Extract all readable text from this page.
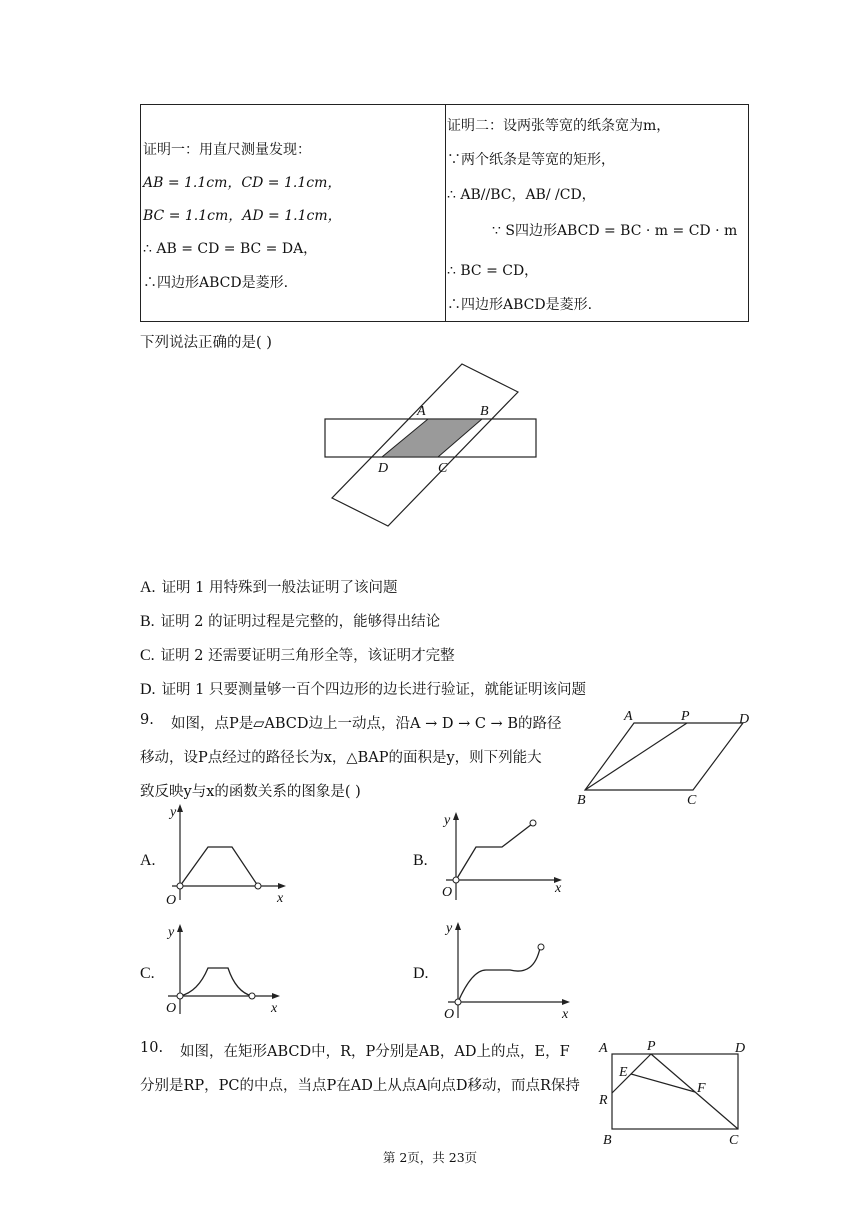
证明一：用直尺测量发现：
AB = 1.1cm，CD = 1.1cm，
BC = 1.1cm，AD = 1.1cm，
∴ AB = CD = BC = DA，
∴四边形ABCD是菱形.
证明二：设两张等宽的纸条宽为m，
∵两个纸条是等宽的矩形，
∴ AB//BC，AB/ /CD，
∵ S四边形ABCD = BC · m = CD · m
∴ BC = CD，
∴四边形ABCD是菱形.
下列说法正确的是( )
A	B
D	C
A. 证明 1 用特殊到一般法证明了该问题
B. 证明 2 的证明过程是完整的，能够得出结论
C. 证明 2 还需要证明三角形全等，该证明才完整
D. 证明 1 只要测量够一百个四边形的边长进行验证，就能证明该问题
9. 如图，点P是▱ABCD边上一动点，沿A → D → C → B的路径
移动，设P点经过的路径长为x，△BAP的面积是y，则下列能大
致反映y与x的函数关系的图象是( )
A	P	D
B	C
A.
y
x
O
B.
y
x
O
C.
y
x
O
D.
y
x
O
10. 如图，在矩形ABCD中，R，P分别是AB，AD上的点，E，F
分别是RP，PC的中点，当点P在AD上从点A向点D移动，而点R保持
A	P	D
E
F
R
B	C
第 2页，共 23页
